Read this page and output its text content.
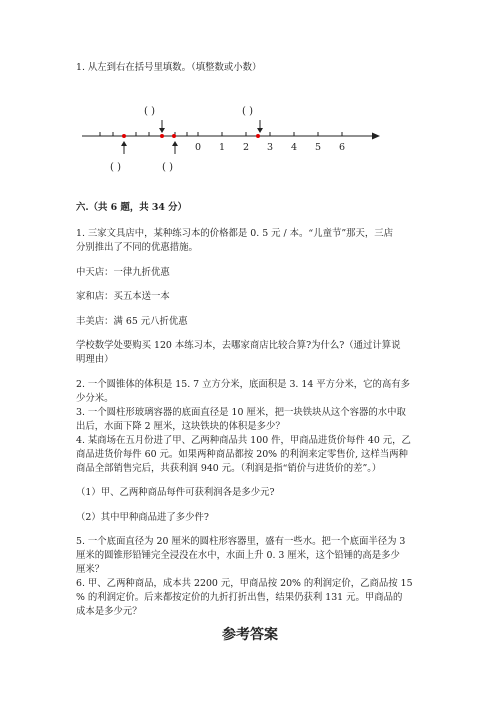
1. 从左到右在括号里填数。（填整数或小数）
( )	( )
0 1 2 3 4 5 6
( )	( )
六.（共 6 题，共 34 分）
1. 三家文具店中，某种练习本的价格都是 0. 5 元 / 本。“儿童节”那天，三店
分别推出了不同的优惠措施。
中天店：一律九折优惠
家和店：买五本送一本
丰美店：满 65 元八折优惠
学校数学处要购买 120 本练习本，去哪家商店比较合算?为什么?（通过计算说
明理由）
2. 一个圆锥体的体积是 15. 7 立方分米，底面积是 3. 14 平方分米，它的高有多
少分米。
3. 一个圆柱形玻璃容器的底面直径是 10 厘米，把一块铁块从这个容器的水中取
出后，水面下降 2 厘米，这块铁块的体积是多少？
4. 某商场在五月份进了甲、乙两种商品共 100 件，甲商品进货价每件 40 元，乙
商品进货价每件 60 元。如果两种商品都按 20% 的利润来定零售价, 这样当两种
商品全部销售完后，共获利润 940 元。（利润是指“销价与进货价的差”。）
（1）甲、乙两种商品每件可获利润各是多少元?
（2）其中甲种商品进了多少件?
5. 一个底面直径为 20 厘米的圆柱形容器里，盛有一些水。把一个底面半径为 3
厘米的圆锥形铅锤完全浸没在水中，水面上升 0. 3 厘米，这个铅锤的高是多少
厘米？
6. 甲、乙两种商品，成本共 2200 元，甲商品按 20% 的利润定价，乙商品按 15
% 的利润定价。后来都按定价的九折打折出售，结果仍获利 131 元。甲商品的
成本是多少元？
参考答案
